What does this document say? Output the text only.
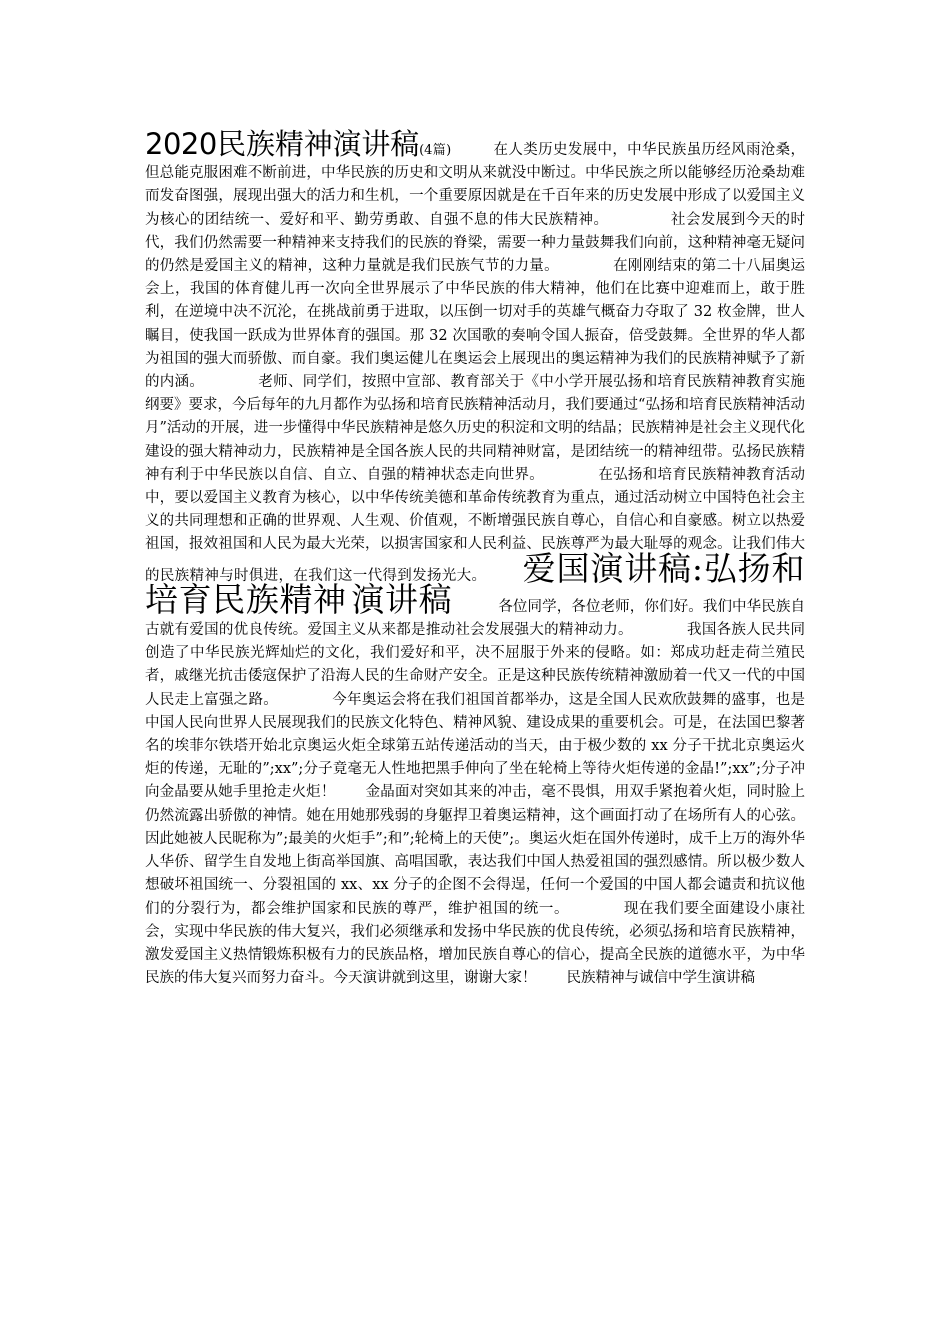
2020民族精神演讲稿(4篇)	在人类历史发展中，中华民族虽历经风雨沧桑，但总能克服困难不断前进，中华民族的历史和文明从来就没中断过。中华民族之所以能够经历沧桑劫难而发奋图强，展现出强大的活力和生机，一个重要原因就是在千百年来的历史发展中形成了以爱国主义为核心的团结统一、爱好和平、勤劳勇敢、自强不息的伟大民族精神。	社会发展到今天的时代，我们仍然需要一种精神来支持我们的民族的脊梁，需要一种力量鼓舞我们向前，这种精神毫无疑问的仍然是爱国主义的精神，这种力量就是我们民族气节的力量。	在刚刚结束的第二十八届奥运会上，我国的体育健儿再一次向全世界展示了中华民族的伟大精神，他们在比赛中迎难而上，敢于胜利，在逆境中决不沉沦，在挑战前勇于进取，以压倒一切对手的英雄气概奋力夺取了 32 枚金牌，世人瞩目，使我国一跃成为世界体育的强国。那 32 次国歌的奏响令国人振奋，倍受鼓舞。全世界的华人都为祖国的强大而骄傲、而自豪。我们奥运健儿在奥运会上展现出的奥运精神为我们的民族精神赋予了新的内涵。	老师、同学们，按照中宣部、教育部关于《中小学开展弘扬和培育民族精神教育实施纲要》要求，今后每年的九月都作为弘扬和培育民族精神活动月，我们要通过“弘扬和培育民族精神活动月”活动的开展，进一步懂得中华民族精神是悠久历史的积淀和文明的结晶；民族精神是社会主义现代化建设的强大精神动力，民族精神是全国各族人民的共同精神财富，是团结统一的精神纽带。弘扬民族精神有利于中华民族以自信、自立、自强的精神状态走向世界。	在弘扬和培育民族精神教育活动中，要以爱国主义教育为核心，以中华传统美德和革命传统教育为重点，通过活动树立中国特色社会主义的共同理想和正确的世界观、人生观、价值观，不断增强民族自尊心，自信心和自豪感。树立以热爱祖国，报效祖国和人民为最大光荣，以损害国家和人民利益、民族尊严为最大耻辱的观念。让我们伟大的民族精神与时俱进，在我们这一代得到发扬光大。 爱国演讲稿:弘扬和培育民族精神 演讲稿	各位同学，各位老师，你们好。我们中华民族自古就有爱国的优良传统。爱国主义从来都是推动社会发展强大的精神动力。	我国各族人民共同创造了中华民族光辉灿烂的文化，我们爱好和平，决不屈服于外来的侵略。如：郑成功赶走荷兰殖民者，戚继光抗击倭寇保护了沿海人民的生命财产安全。正是这种民族传统精神激励着一代又一代的中国人民走上富强之路。	今年奥运会将在我们祖国首都举办，这是全国人民欢欣鼓舞的盛事，也是中国人民向世界人民展现我们的民族文化特色、精神风貌、建设成果的重要机会。可是，在法国巴黎著名的埃菲尔铁塔开始北京奥运火炬全球第五站传递活动的当天，由于极少数的 xx 分子干扰北京奥运火炬的传递，无耻的”;xx”;分子竟毫无人性地把黑手伸向了坐在轮椅上等待火炬传递的金晶!”;xx”;分子冲向金晶要从她手里抢走火炬！ 金晶面对突如其来的冲击，毫不畏惧，用双手紧抱着火炬，同时脸上仍然流露出骄傲的神情。她在用她那残弱的身躯捍卫着奥运精神，这个画面打动了在场所有人的心弦。因此她被人民昵称为”;最美的火炬手”;和”;轮椅上的天使”;。奥运火炬在国外传递时，成千上万的海外华人华侨、留学生自发地上街高举国旗、高唱国歌，表达我们中国人热爱祖国的强烈感情。所以极少数人想破坏祖国统一、分裂祖国的 xx、xx 分子的企图不会得逞，任何一个爱国的中国人都会谴责和抗议他们的分裂行为，都会维护国家和民族的尊严，维护祖国的统一。	现在我们要全面建设小康社会，实现中华民族的伟大复兴，我们必须继承和发扬中华民族的优良传统，必须弘扬和培育民族精神，激发爱国主义热情锻炼积极有力的民族品格，增加民族自尊心的信心，提高全民族的道德水平，为中华民族的伟大复兴而努力奋斗。今天演讲就到这里，谢谢大家！ 民族精神与诚信中学生演讲稿
